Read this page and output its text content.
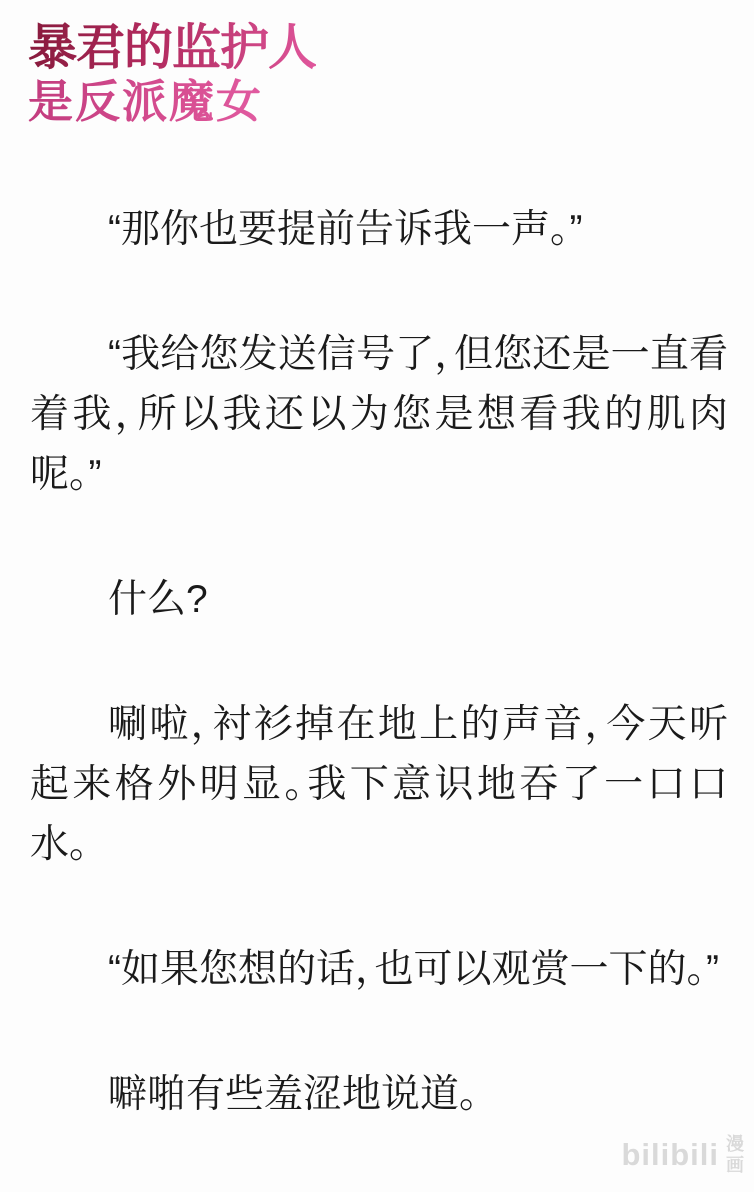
暴君的监护人
是反派魔女

“那你也要提前告诉我一声。”

“我给您发送信号了，但您还是一直看着我，所以我还以为您是想看我的肌肉呢。”

什么?

唰啦，衬衫掉在地上的声音，今天听起来格外明显。我下意识地吞了一口口水。

“如果您想的话，也可以观赏一下的。”

噼啪有些羞涩地说道。

bilibili 漫画
